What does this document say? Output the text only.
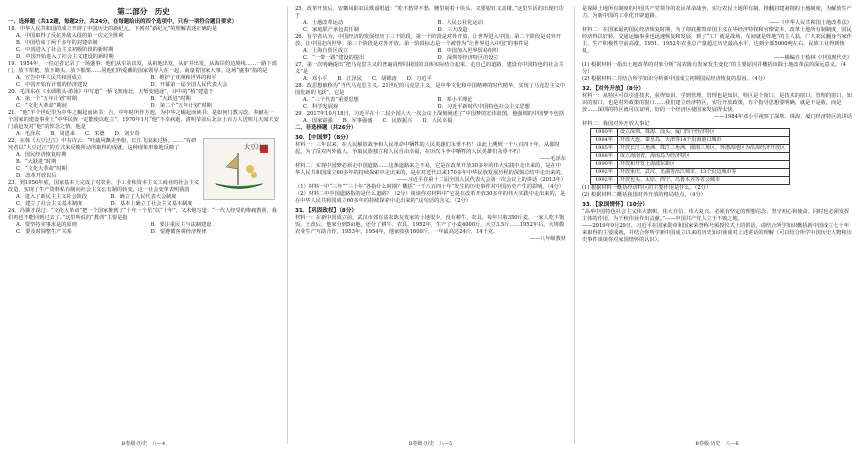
第二部分　历史

一、选择题（共12题，每题2分，共24分。在每题给出的四个选项中，只有一项符合题目要求）

18．中华人民共和国的成立开辟了中国历史的新纪元。下列对“新纪元”的理解表述正确的是

A．中国取得了反抗外敌入侵的第一次完全胜利

B．中国结束了两千多年的封建帝制

C．中国进入了社会主义初级阶段的新时期

D．中国开始进入了社会主义建设的新时期

19．1954年，一位记者记录了一场盛事：他们从车站出发，从祖地出发，从矿井出发，从海岸的边境线……一路下部门，放下犁耙，放下锄头，放下船桨……同他们所爱戴的国家领导人在一起，商量着国家大事。这场“盛事”指的是

A．宣告中华人民共和国成立	B．维护了亚洲和世界的和平
C．中国开始有计划的经济建设	D．开幕第一届全国人民代表大会

20．毛泽东在《水调歌头·游泳》中写道“一桥飞架南北，天堑变通途”，诗中的“桥”建造于

A．第一个“五年计划”时期	B．“大跃进”时期
C．“文化大革命”期间	D．第二个“五年计划”时期

21．“他”半个世纪里为中华之崛起而读书：吉，中年时所作方池，为中华之崛起而读书：是如何门教习改，奉献在一个国家的建设事业上“中华民族一定能使以屹立”，1970年1月“他”不幸病逝，清明节前后北京上百万人送殡儿天闻天安门前赶发对“他”的悼念之情。他是

A．毛泽东 B．周恩来 C．朱德 D．刘少奇
大豆过江

22．在韩《大豆过江》中有诗云：“叶蔬风飘美坐船，长江飞浪来过桥。……”有研究者以“大豆过江”的方式来反映所动所取得的成就，这种现象形象地反映了

A．国民经济恢复时期

B．“大跃进”时期

C．“文化大革命”时期

D．改革开放以后

23．到1956年底，国家基本上完成了对农业、手工业和资本主义工商业的社会主义改造，实现了生产资料私有制向社会主义公有制的转变，这一社会变革表明我国

A．进入了新民主主义社会阶段	B．确立了人民代表大会制度
C．建立了社会主义基本制度	D．基本上确立了社会主义基本制度

24．冯骥才说过：“文化大革命”把一个国家推到了“十年一个星”以“十年”，又木炮写道：“一代人经受的惨痛教训，我们再也不能回到过去了。”这里所说的“教训”主要是指

A．要坚持实事求是的原则	B．要注重民主与法制建设
C．要及时调整生产关系	D．要遵循客观经济规律
B卷级·历史　八—4

25．改革开放后，安徽凤阳农民歌谣唱道：“吃不愁穿不愁，腰里别着十块头，又要银钉又盖楼。”这里生活的出现归功于

A．土地改革运动	B．人民公社化运动
C．家庭联产承包责任制	D．三大改造

26．有学者认为，中国经济的发展经历了三个阶段，第一个阶段是对外开放，让世界进入中国；第二个阶段是对外开放，让中国走向世界；第三个阶段是对外开放。第一阶段标志是一个被誉为“让世界进入中国”的事件是

A．上海自贸区成立	B．中国加入世界贸易组织
C．“一带一路”建设的提出	D．深圳等经济特区的设立

27．第一次明确提出“把马克思主义的普遍真理同我国的具体实际结合起来，走自己的道路，建设有中国特色的社会主义”是

A．邓小平 B．江泽民 C．胡锦涛 D．习近平

28．改思想被称为“当代马克思主义，21世纪的马克思主义，是中华文化和中国精神的时代精华，实现了马克思主义中国化新的飞跃”。它是

A．“三个代表”重要思想	B．邓小平理论
C．科学发展观	D．习近平新时代中国特色社会主义思想

29．2017年10月18日，习近平在十二届全国人大一次会议上深刻阐述了“中国梦的宏伟蓝图，他强调的中国梦不包括

A．国家富强 B．军事强盛 C．民族振兴 D．人民幸福

二、非选择题（共26分）

30．【中国梦】（8分）

材料一：三年以来，在人民解放战争和人民革命中牺牲的人民英雄们永垂不朽！由此上溯到一千八百四十年，从那时起，为了反对内外敌人，争取民族独立和人民自由幸福，在历次斗争中牺牲的人民英雄们永垂不朽！

——毛泽东

材料二：实现中国梦必须走中国道路……这条道路来之不易，它是在改革开放30多年的伟大实践中走出来的，是在中华人民共和国成立60多年的持续探索中走出来的，是在对近代以来170多年中华民族发展历程的深刻总结中走出来的。

——习近平在第十二届全国人民代表大会第一次会议上的讲话（2013年）

（1）材料一中“三年”“三十年”各指什么时期？概括“一千八百四十年”发生的历史事件对中国历史产生的影响。（4分）

（2）材料二中中国道路指的是什么道路？（2分）谈谈你对材料中“它是在改革开放30多年的伟大实践中走出来的，是在中华人民共和国成立60多年的持续探索中走出来的”这句话的含义。（2分）

31．【巩固政权】（8分）

材料一：在新中国成立前，武汉市郊有贫农陈友发家的土地很少，没有耕牛，农具，每年只收350斤麦，一家人吃不饱饭。土改后，他家分到5亩地，还分了耕牛、农具。1952年，生产了小麦4000斤，大豆3.5斤……1952年后，大规模农业生产互助合作，1953年、1954年，他家收获1600斤，一年最高达24斤，14千克。

——八年级教材

B卷级·历史　八—5

是保障土地所有制度的中国共产党领导的农民革命战争，实行农民土地所有制。推翻封建剥削的土地制度，为解放生产力，为新中国的工业化开辟道路。

——《中华人民共和国土地改革法》

材料二：在国家最初国民经济恢复时期，为了彻底摧毁帝国主义在华经济特权和官僚资本，改革土地所有制制度，国民经济得以好转，交通运输事业也迅速恢复和发展，到了“工厂就是战场，车间就是阵地”的主人翁，广大农民翻身当家作主，生产积极性空前高涨，1951、1952年农业总产量超过历史最高水平，达到全部5000吨左右，民族工业得到恢复。

——摘编自王桧林《中国现代史》

(1) 根据材料一指出土地改革的对象分析“贫农陈有发家发生变化”的主要原因并概括该除土地改革法的深远意义。（4分）

(2) 根据材料二并结合所学知识分析新中国成立初期国民经济恢复的原因。（4分）

32．【对外开放】（8分）

材料一：从特区可以引进技术，获得知识，学到管理，管理也是知识。特区是个窗口，是技术的窗口，管理的窗口，知识的窗口，也是对外政策的窗口……我们建立经济特区，实行开放政策，有个指导思想要明确，就是不是收，而是放……深圳的特区就可以证明，好的一个经济区使国家发展得太快。

——1984年邓小平视察了深圳、珠海、厦门经济特区的讲话

材料二：我国对外开放大事记

1980年	设立深圳、珠海、汕头、厦门四个经济特区
1984年	开放大连、秦皇岛、天津等14个沿海港口城市
1985年	开放长江三角洲、珠江三角洲、闽南三角区、环渤海地区为沿海经济开放区
1988年	成立海南省，海南岛为经济特区
1990年	开放和开发上海浦东新区
1992年	开放重庆、武汉、芜湖等沿江城市，13个沿边城市等
1992年	开放包头、太原、西宁、乌鲁木齐等省会城市

(1) 根据材料一概括经济特区的主要作用是什么。（2分）

(2) 根据材料二概括我国对外开放的格局特点。（4分）

33．【家国情怀】（10分）

“高举中国特色社会主义伟大旗帜，伟大自信，伟大复兴。必须有坚定的理想信念，坚守初心和使命。同时也必须发挥主体的作用，为千秋伟业作出贡献。”——中国共产党人立于不败之地。

——2019年9月29日，习近平在国家勋章和国家荣誉称号颁授仪式上的讲话。请结合所学知识概括新中国成立七十年来取得的主要成就，并结合你所学新中国成立以来的历史知识谈谈对上述讲话的理解（可以结合所学中国历史人物和历史事件谈谈你对家国情怀的认识）。

B卷级·历史　八—6
